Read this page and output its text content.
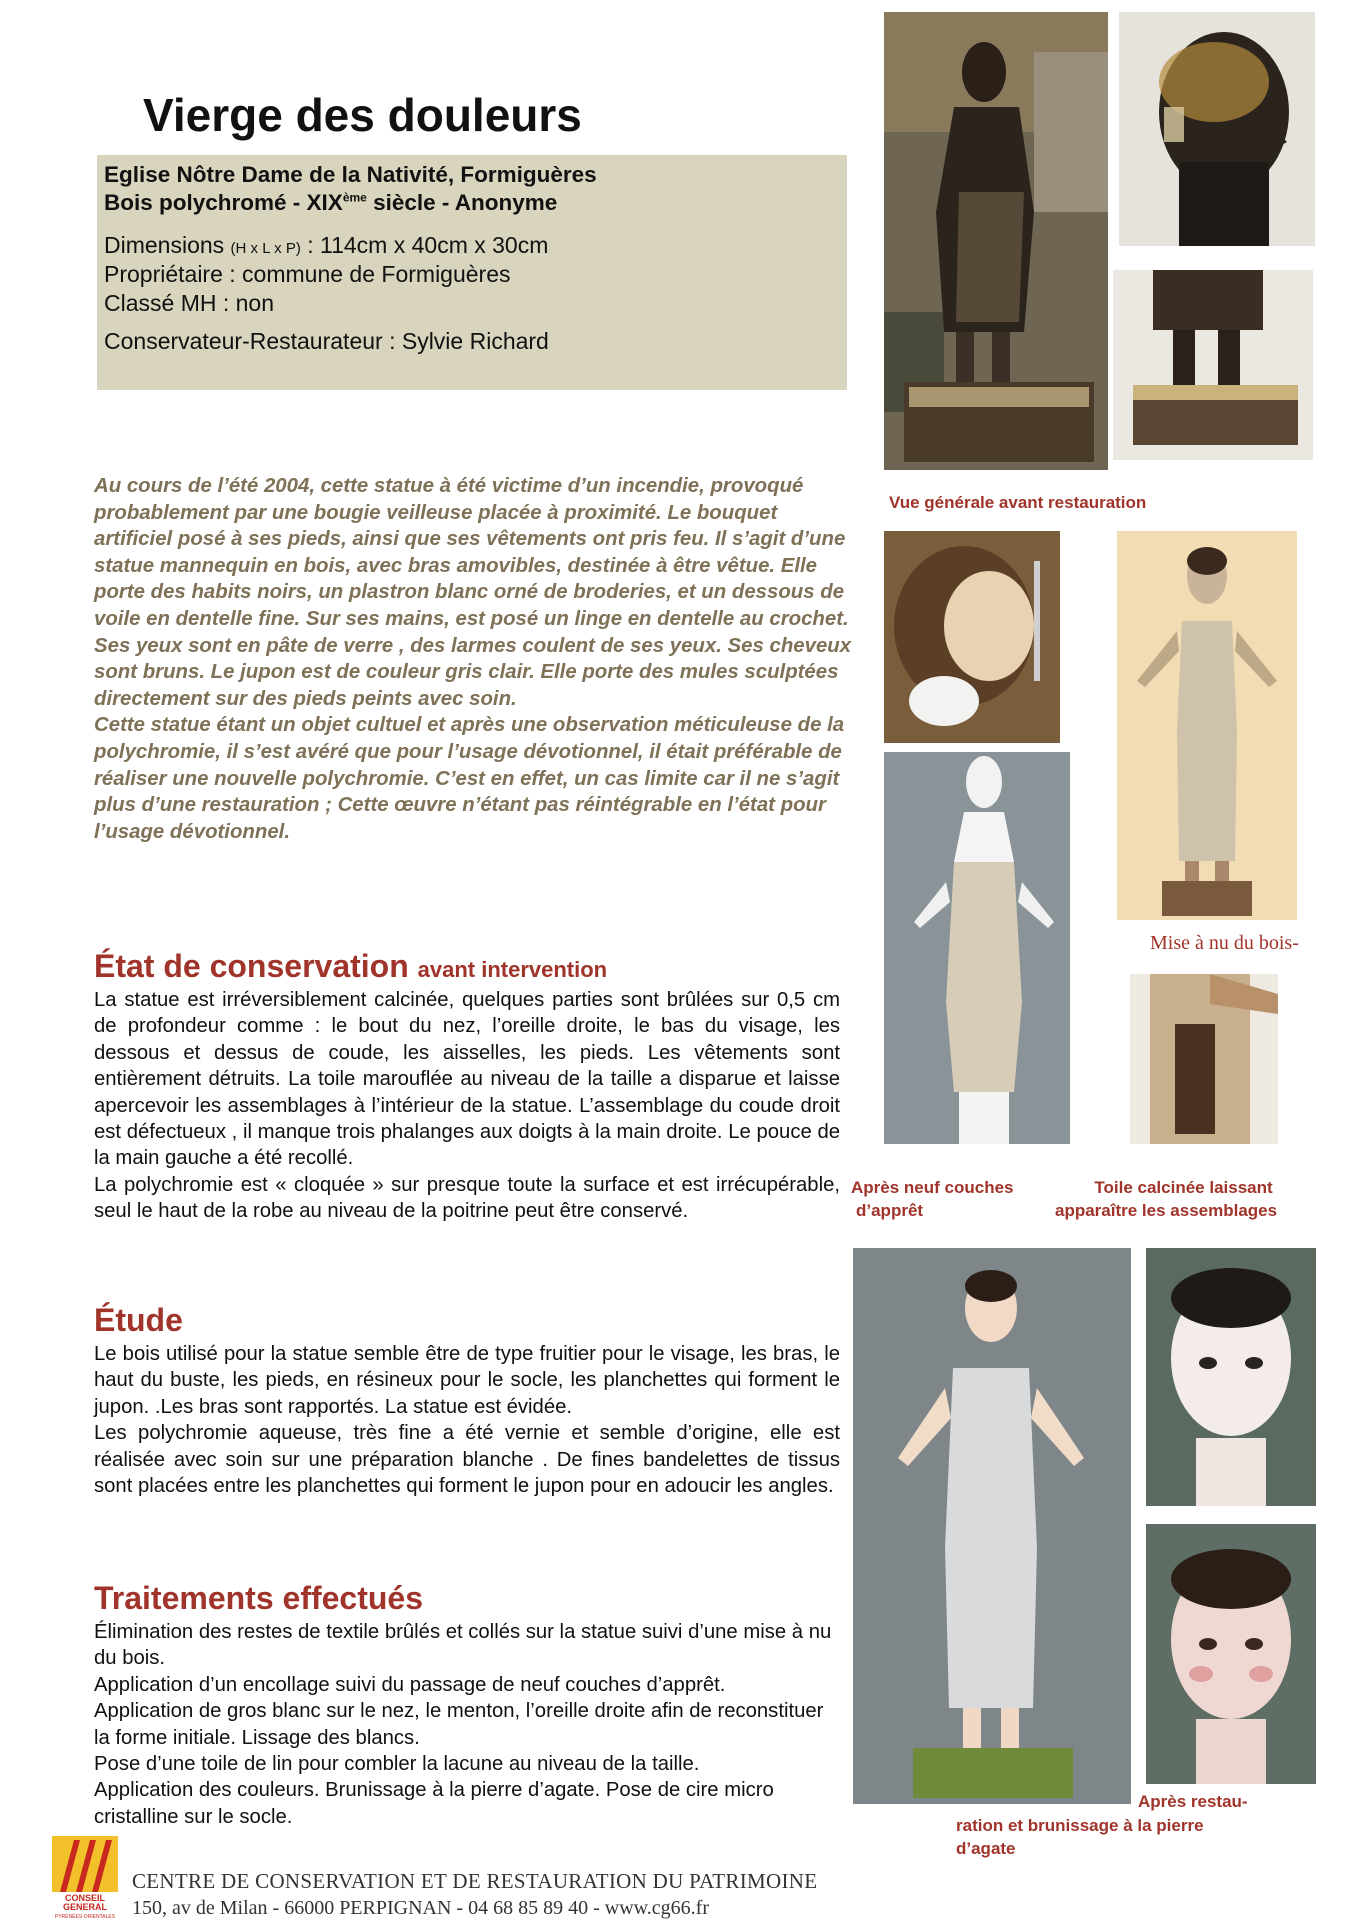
Vierge des douleurs
Eglise Nôtre Dame de la Nativité, Formiguères
Bois polychromé - XIXème siècle - Anonyme
Dimensions (H x L x P) : 114cm x 40cm x 30cm
Propriétaire : commune de Formiguères
Classé MH : non
Conservateur-Restaurateur : Sylvie Richard

Au cours de l’été 2004, cette statue à été victime d’un incendie, provoqué probablement par une bougie veilleuse placée à proximité. Le bouquet artificiel posé à ses pieds, ainsi que ses vêtements ont pris feu. Il s’agit d’une statue mannequin en bois, avec bras amovibles, destinée à être vêtue. Elle porte des habits noirs, un plastron blanc orné de broderies, et un dessous de voile en dentelle fine. Sur ses mains, est posé un linge en dentelle au crochet. Ses yeux sont en pâte de verre , des larmes coulent de ses yeux. Ses cheveux sont bruns. Le jupon est de couleur gris clair. Elle porte des mules sculptées directement sur des pieds peints avec soin.

Cette statue étant un objet cultuel et après une observation méticuleuse de la polychromie, il s’est avéré que pour l’usage dévotionnel, il était préférable de réaliser une nouvelle polychromie. C’est en effet, un cas limite car il ne s’agit plus d’une restauration ; Cette œuvre n’étant pas réintégrable en l’état pour l’usage dévotionnel.

État de conservation avant intervention

La statue est irréversiblement calcinée, quelques parties sont brûlées sur 0,5 cm de profondeur comme : le bout du nez, l’oreille droite, le bas du visage, les dessous et dessus de coude, les aisselles, les pieds. Les vêtements sont entièrement détruits. La toile marouflée au niveau de la taille a disparue et laisse apercevoir les assemblages à l’intérieur de la statue. L’assemblage du coude droit est défectueux , il manque trois phalanges aux doigts à la main droite. Le pouce de la main gauche a été recollé.

La polychromie est « cloquée » sur presque toute la surface et est irrécupérable, seul le haut de la robe au niveau de la poitrine peut être conservé.

Étude

Le bois utilisé pour la statue semble être de type fruitier pour le visage, les bras, le haut du buste, les pieds, en résineux pour le socle, les planchettes qui forment le jupon. .Les bras sont rapportés. La statue est évidée.

Les polychromie aqueuse, très fine a été vernie et semble d’origine, elle est réalisée avec soin sur une préparation blanche . De fines bandelettes de tissus sont placées entre les planchettes qui forment le jupon pour en adoucir les angles.

Traitements effectués

Élimination des restes de textile brûlés et collés sur la statue suivi d’une mise à nu du bois.

Application d’un encollage suivi du passage de neuf couches d’apprêt.

Application de gros blanc sur le nez, le menton, l’oreille droite afin de reconstituer la forme initiale. Lissage des blancs.

Pose d’une toile de lin pour combler la lacune au niveau de la taille.

Application des couleurs. Brunissage à la pierre d’agate. Pose de cire micro cristalline sur le socle.

Vue générale avant restauration
Mise à nu du bois-
Après neuf couches
d’apprêt
Toile calcinée laissant
apparaître les assemblages
Après restau-
ration et brunissage à la pierre
d’agate
CONSEIL
GENERAL
PYRÉNÉES-ORIENTALES
CENTRE DE CONSERVATION ET DE RESTAURATION DU PATRIMOINE
150, av de Milan - 66000 PERPIGNAN - 04 68 85 89 40 - www.cg66.fr
